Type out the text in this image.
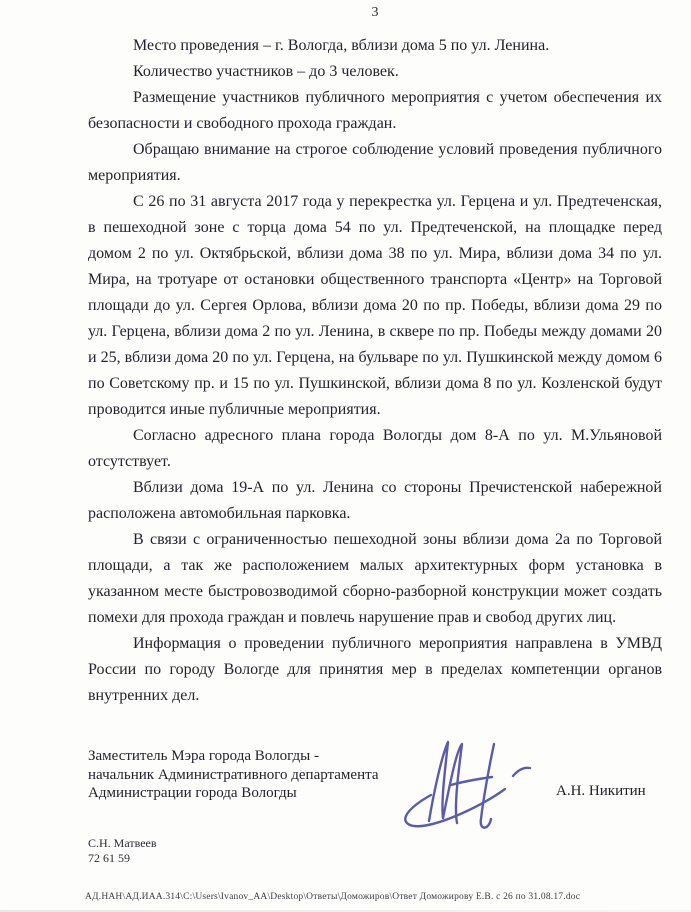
3

Место проведения – г. Вологда, вблизи дома 5 по ул. Ленина.

Количество участников – до 3 человек.

Размещение участников публичного мероприятия с учетом обеспечения их безопасности и свободного прохода граждан.

Обращаю внимание на строгое соблюдение условий проведения публичного мероприятия.

С 26 по 31 августа 2017 года у перекрестка ул. Герцена и ул. Предтеченская, в пешеходной зоне с торца дома 54 по ул. Предтеченской, на площадке перед домом 2 по ул. Октябрьской, вблизи дома 38 по ул. Мира, вблизи дома 34 по ул. Мира, на тротуаре от остановки общественного транспорта «Центр» на Торговой площади до ул. Сергея Орлова, вблизи дома 20 по пр. Победы, вблизи дома 29 по ул. Герцена, вблизи дома 2 по ул. Ленина, в сквере по пр. Победы между домами 20 и 25, вблизи дома 20 по ул. Герцена, на бульваре по ул. Пушкинской между домом 6 по Советскому пр. и 15 по ул. Пушкинской, вблизи дома 8 по ул. Козленской будут проводится иные публичные мероприятия.

Согласно адресного плана города Вологды дом 8-А по ул. М.Ульяновой отсутствует.

Вблизи дома 19-А по ул. Ленина со стороны Пречистенской набережной расположена автомобильная парковка.

В связи с ограниченностью пешеходной зоны вблизи дома 2а по Торговой площади, а так же расположением малых архитектурных форм установка в указанном месте быстровозводимой сборно-разборной конструкции может создать помехи для прохода граждан и повлечь нарушение прав и свобод других лиц.

Информация о проведении публичного мероприятия направлена в УМВД России по городу Вологде для принятия мер в пределах компетенции органов внутренних дел.

Заместитель Мэра города Вологды -
начальник Административного департамента
Администрации города Вологды	А.Н. Никитин
С.Н. Матвеев
72 61 59
АД.НАН\АД.ИАА.314\C:\Users\Ivanov_AA\Desktop\Ответы\Доможиров\Ответ Доможирову Е.В. с 26 по 31.08.17.doc
